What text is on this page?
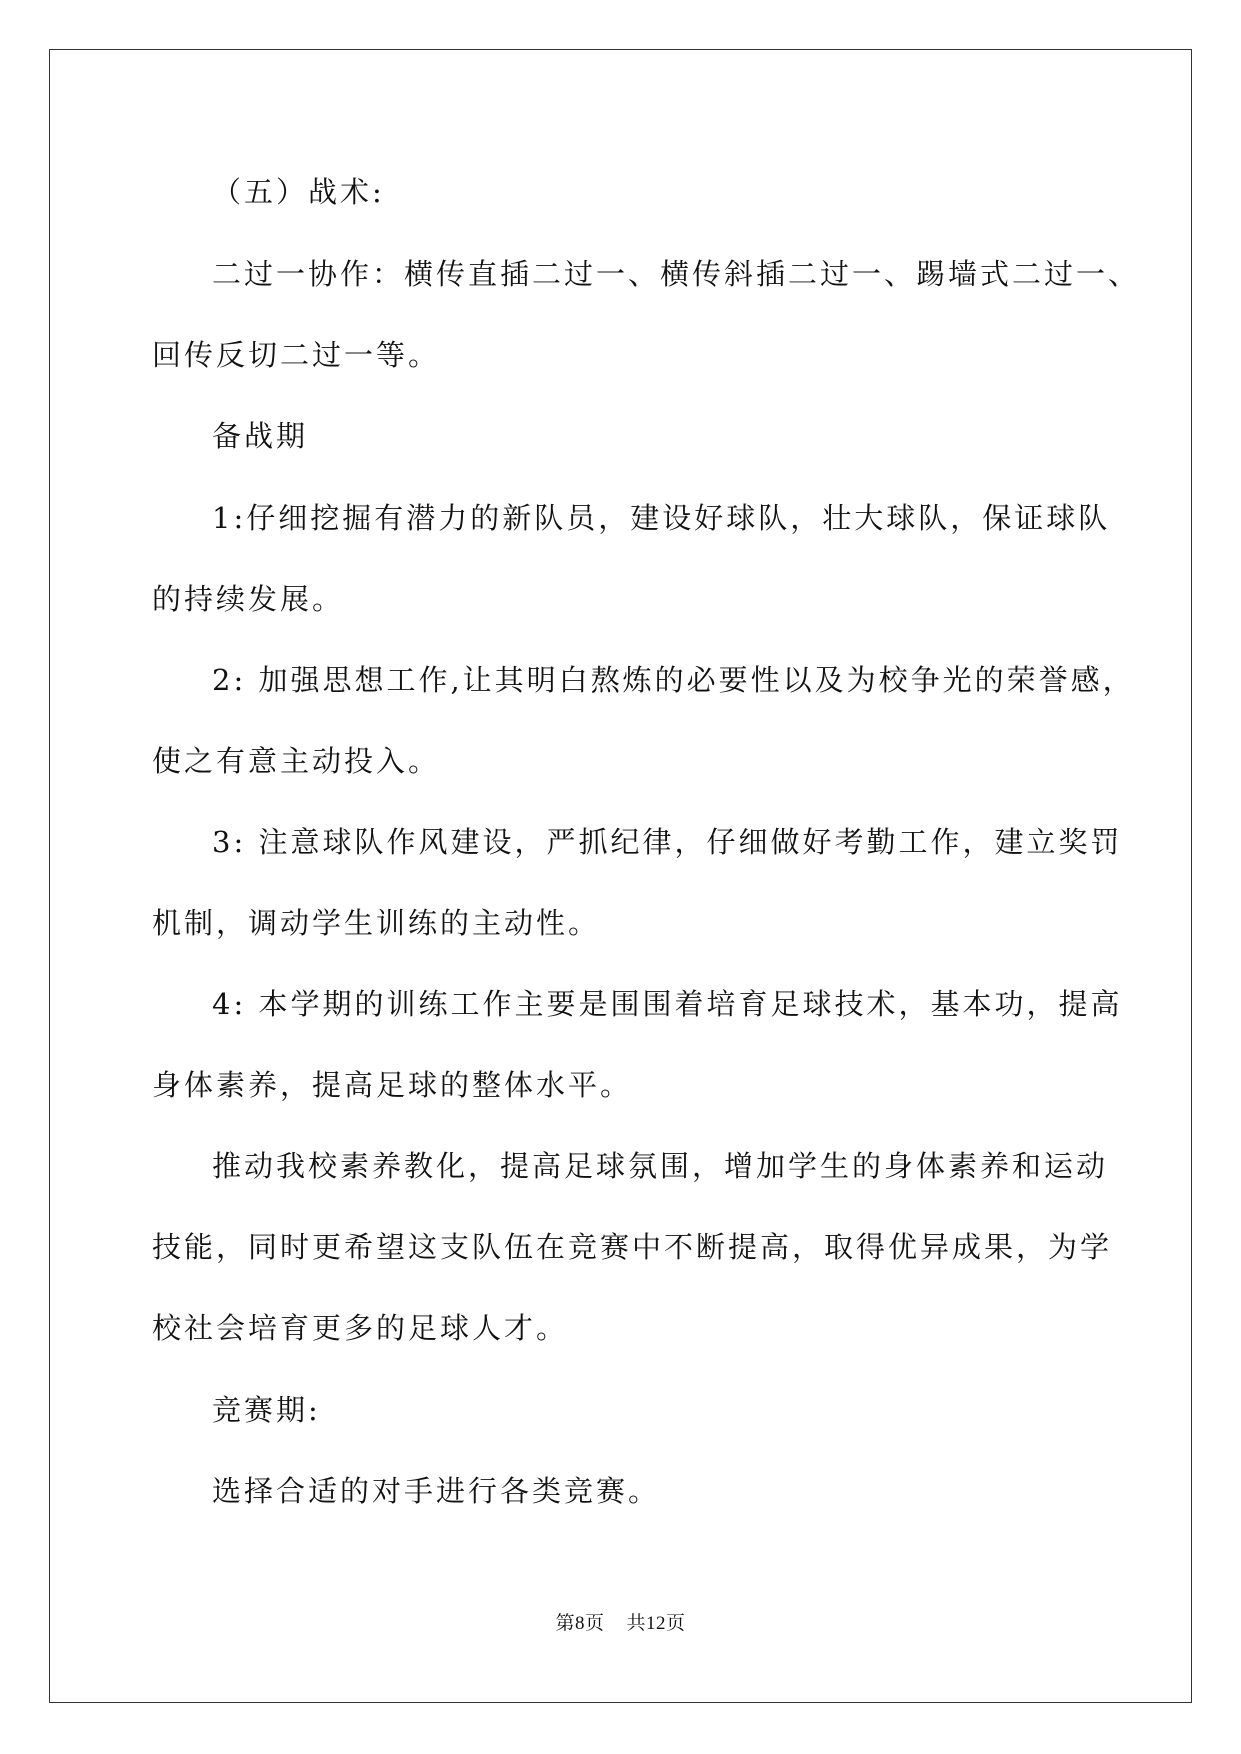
（五）战术:
二过一协作：横传直插二过一、横传斜插二过一、踢墙式二过一、
回传反切二过一等。
备战期
1:仔细挖掘有潜力的新队员，建设好球队，壮大球队，保证球队
的持续发展。
2: 加强思想工作,让其明白熬炼的必要性以及为校争光的荣誉感，
使之有意主动投入。
3: 注意球队作风建设，严抓纪律，仔细做好考勤工作，建立奖罚
机制，调动学生训练的主动性。
4: 本学期的训练工作主要是围围着培育足球技术，基本功，提高
身体素养，提高足球的整体水平。
推动我校素养教化，提高足球氛围，增加学生的身体素养和运动
技能，同时更希望这支队伍在竞赛中不断提高，取得优异成果，为学
校社会培育更多的足球人才。
竞赛期:
选择合适的对手进行各类竞赛。
第8页 共12页
